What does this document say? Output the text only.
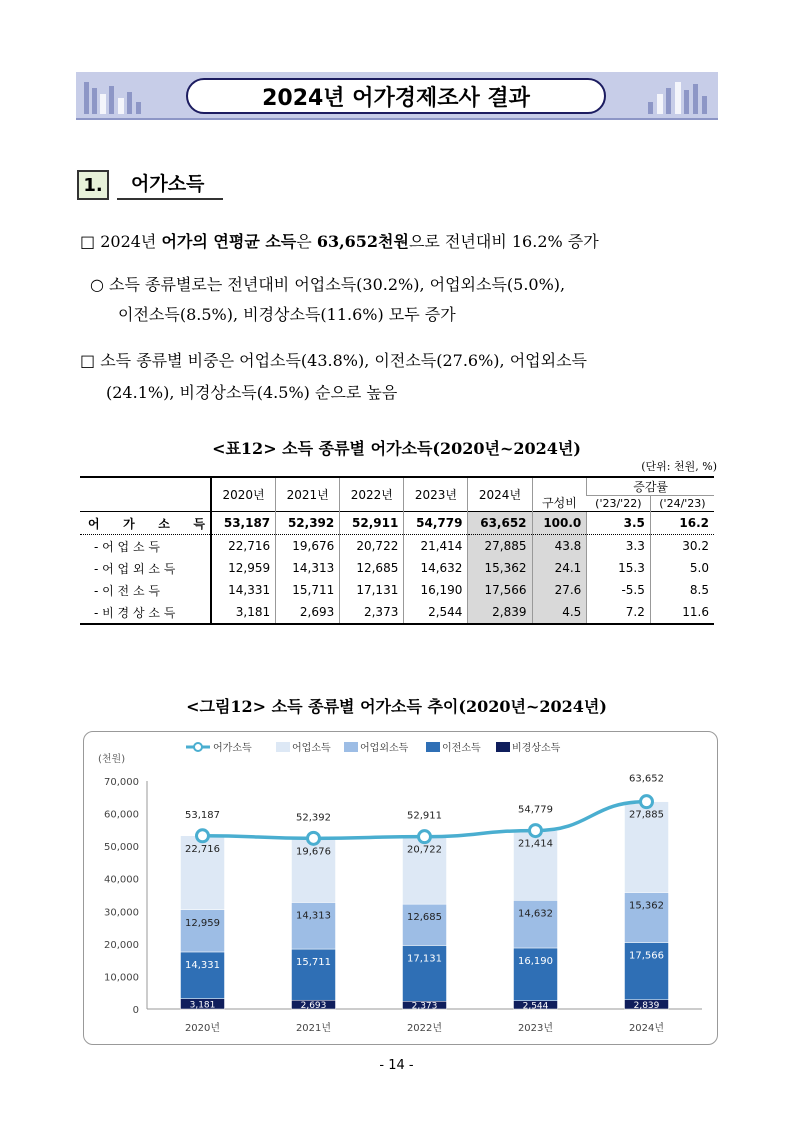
2024년 어가경제조사 결과
1.	어가소득
□ 2024년 어가의 연평균 소득은 63,652천원으로 전년대비 16.2% 증가
○ 소득 종류별로는 전년대비 어업소득(30.2%), 어업외소득(5.0%),
이전소득(8.5%), 비경상소득(11.6%) 모두 증가
□ 소득 종류별 비중은 어업소득(43.8%), 이전소득(27.6%), 어업외소득
(24.1%), 비경상소득(4.5%) 순으로 높음
<표12> 소득 종류별 어가소득(2020년~2024년)
(단위: 천원, %)
	2020년	2021년	2022년	2023년	2024년	구성비	증감률	
							('23/'22)	('24/'23)
어 가 소 득	53,187	52,392	52,911	54,779	63,652	100.0	3.5	16.2
- 어 업 소 득	22,716	19,676	20,722	21,414	27,885	43.8	3.3	30.2
- 어 업 외 소 득	12,959	14,313	12,685	14,632	15,362	24.1	15.3	5.0
- 이 전 소 득	14,331	15,711	17,131	16,190	17,566	27.6	-5.5	8.5
- 비 경 상 소 득	3,181	2,693	2,373	2,544	2,839	4.5	7.2	11.6
<그림12> 소득 종류별 어가소득 추이(2020년~2024년)
(천원)
0
10,000
20,000
30,000
40,000
50,000
60,000
70,000
3,181
14,331
12,959
22,716
2020년
2,693
15,711
14,313
19,676
2021년
2,373
17,131
12,685
20,722
2022년
2,544
16,190
14,632
21,414
2023년
2,839
17,566
15,362
27,885
2024년
53,187	52,392	52,911
54,779
63,652
어가소득	어업소득	어업외소득	이전소득	비경상소득
- 14 -
